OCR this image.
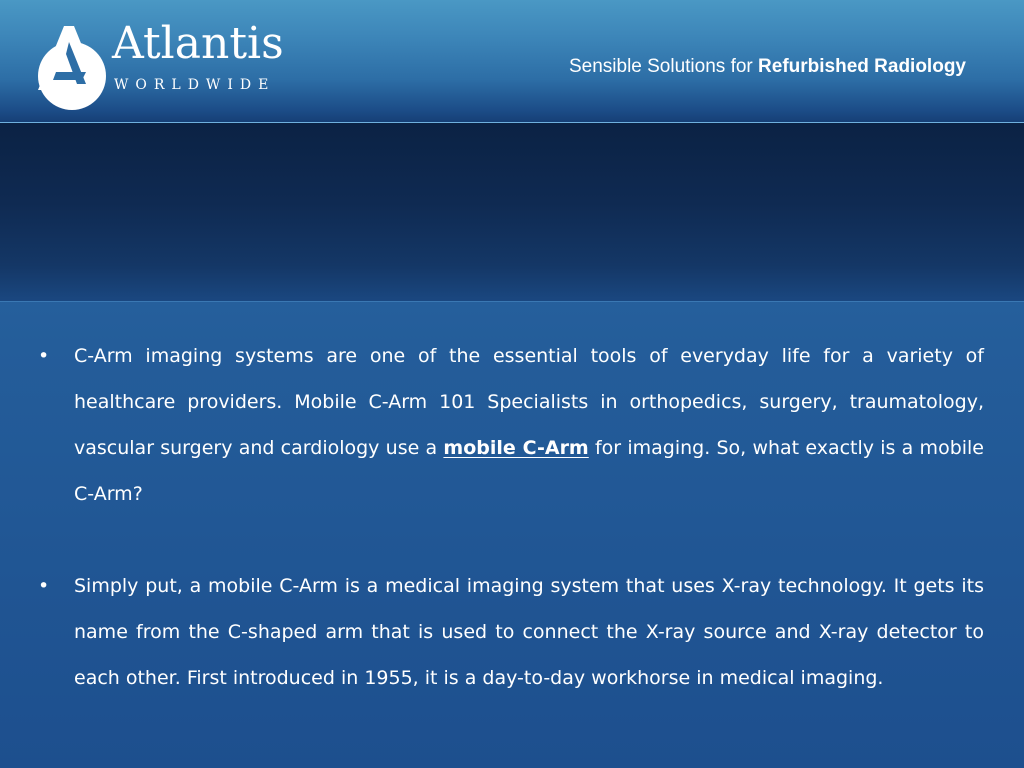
Atlantis
WORLDWIDE
Sensible Solutions for Refurbished Radiology
•	C-Arm imaging systems are one of the essential tools of everyday life for a variety of healthcare providers. Mobile C-Arm 101 Specialists in orthopedics, surgery, traumatology, vascular surgery and cardiology use a mobile C-Arm for imaging. So, what exactly is a mobile C-Arm?
•	Simply put, a mobile C-Arm is a medical imaging system that uses X-ray technology. It gets its name from the C-shaped arm that is used to connect the X-ray source and X-ray detector to each other. First introduced in 1955, it is a day-to-day workhorse in medical imaging.
